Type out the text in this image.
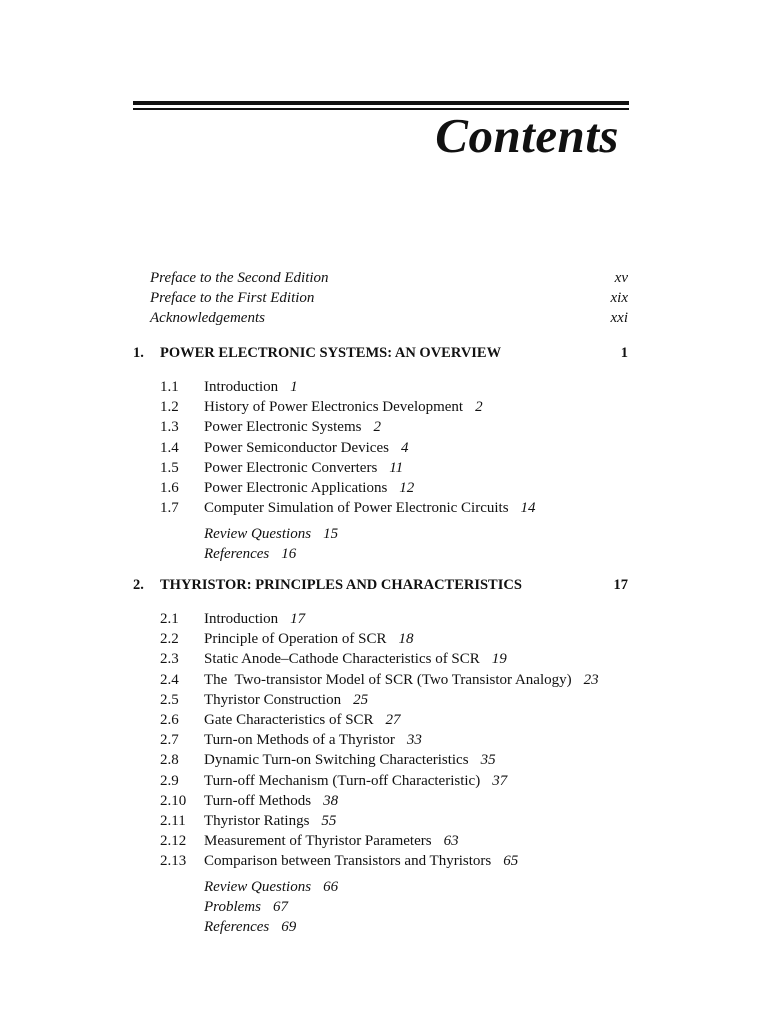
Contents
Preface to the Second Edition	xv
Preface to the First Edition	xix
Acknowledgements	xxi
1.	POWER ELECTRONIC SYSTEMS: AN OVERVIEW	1
1.1	Introduction 1
1.2	History of Power Electronics Development 2
1.3	Power Electronic Systems 2
1.4	Power Semiconductor Devices 4
1.5	Power Electronic Converters 11
1.6	Power Electronic Applications 12
1.7	Computer Simulation of Power Electronic Circuits 14
Review Questions 15
References 16
2.	THYRISTOR: PRINCIPLES AND CHARACTERISTICS	17
2.1	Introduction 17
2.2	Principle of Operation of SCR 18
2.3	Static Anode–Cathode Characteristics of SCR 19
2.4	The  Two-transistor Model of SCR (Two Transistor Analogy) 23
2.5	Thyristor Construction 25
2.6	Gate Characteristics of SCR 27
2.7	Turn-on Methods of a Thyristor 33
2.8	Dynamic Turn-on Switching Characteristics 35
2.9	Turn-off Mechanism (Turn-off Characteristic) 37
2.10	Turn-off Methods 38
2.11	Thyristor Ratings 55
2.12	Measurement of Thyristor Parameters 63
2.13	Comparison between Transistors and Thyristors 65
Review Questions 66
Problems 67
References 69
